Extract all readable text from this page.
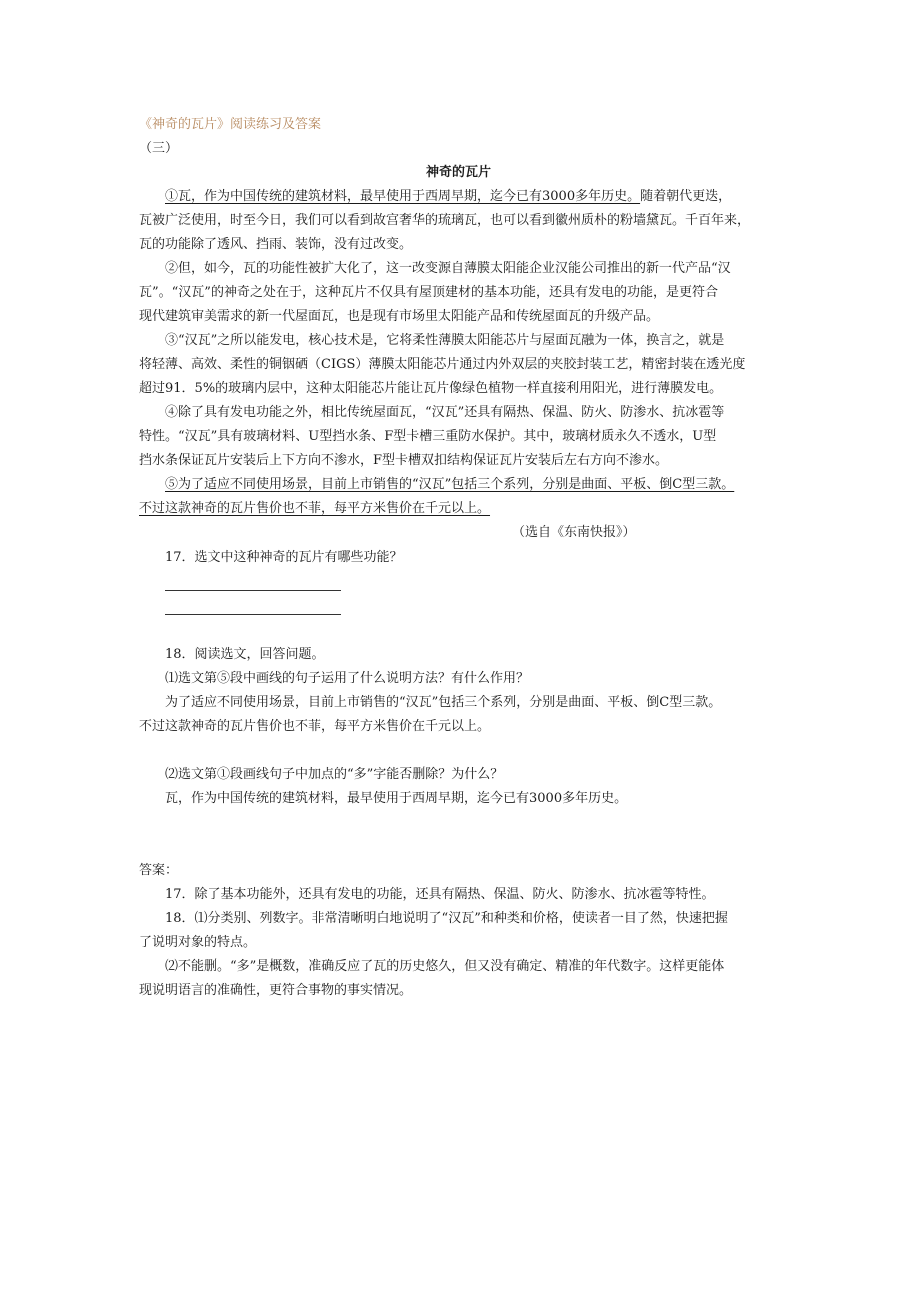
《神奇的瓦片》阅读练习及答案
（三）
神奇的瓦片
①瓦，作为中国传统的建筑材料，最早使用于西周早期，迄今已有3000多年历史。随着朝代更迭，
瓦被广泛使用，时至今日，我们可以看到故宫奢华的琉璃瓦，也可以看到徽州质朴的粉墙黛瓦。千百年来，
瓦的功能除了透风、挡雨、装饰，没有过改变。
②但，如今，瓦的功能性被扩大化了，这一改变源自薄膜太阳能企业汉能公司推出的新一代产品“汉
瓦”。“汉瓦”的神奇之处在于，这种瓦片不仅具有屋顶建材的基本功能，还具有发电的功能，是更符合
现代建筑审美需求的新一代屋面瓦，也是现有市场里太阳能产品和传统屋面瓦的升级产品。
③“汉瓦”之所以能发电，核心技术是，它将柔性薄膜太阳能芯片与屋面瓦融为一体，换言之，就是
将轻薄、高效、柔性的铜铟硒（CIGS）薄膜太阳能芯片通过内外双层的夹胶封装工艺，精密封装在透光度
超过91．5%的玻璃内层中，这种太阳能芯片能让瓦片像绿色植物一样直接利用阳光，进行薄膜发电。
④除了具有发电功能之外，相比传统屋面瓦，“汉瓦”还具有隔热、保温、防火、防渗水、抗冰雹等
特性。“汉瓦”具有玻璃材料、U型挡水条、F型卡槽三重防水保护。其中，玻璃材质永久不透水，U型
挡水条保证瓦片安装后上下方向不渗水，F型卡槽双扣结构保证瓦片安装后左右方向不渗水。
⑤为了适应不同使用场景，目前上市销售的“汉瓦”包括三个系列，分别是曲面、平板、倒C型三款。
不过这款神奇的瓦片售价也不菲，每平方米售价在千元以上。
（选自《东南快报》）
17．选文中这种神奇的瓦片有哪些功能？
18．阅读选文，回答问题。
⑴选文第⑤段中画线的句子运用了什么说明方法？有什么作用？
为了适应不同使用场景，目前上市销售的“汉瓦”包括三个系列，分别是曲面、平板、倒C型三款。
不过这款神奇的瓦片售价也不菲，每平方米售价在千元以上。
⑵选文第①段画线句子中加点的“多”字能否删除？为什么？
瓦，作为中国传统的建筑材料，最早使用于西周早期，迄今已有3000多年历史。
答案：
17．除了基本功能外，还具有发电的功能，还具有隔热、保温、防火、防渗水、抗冰雹等特性。
18．⑴分类别、列数字。非常清晰明白地说明了“汉瓦”和种类和价格，使读者一目了然，快速把握
了说明对象的特点。
⑵不能删。“多”是概数，准确反应了瓦的历史悠久，但又没有确定、精准的年代数字。这样更能体
现说明语言的准确性，更符合事物的事实情况。
